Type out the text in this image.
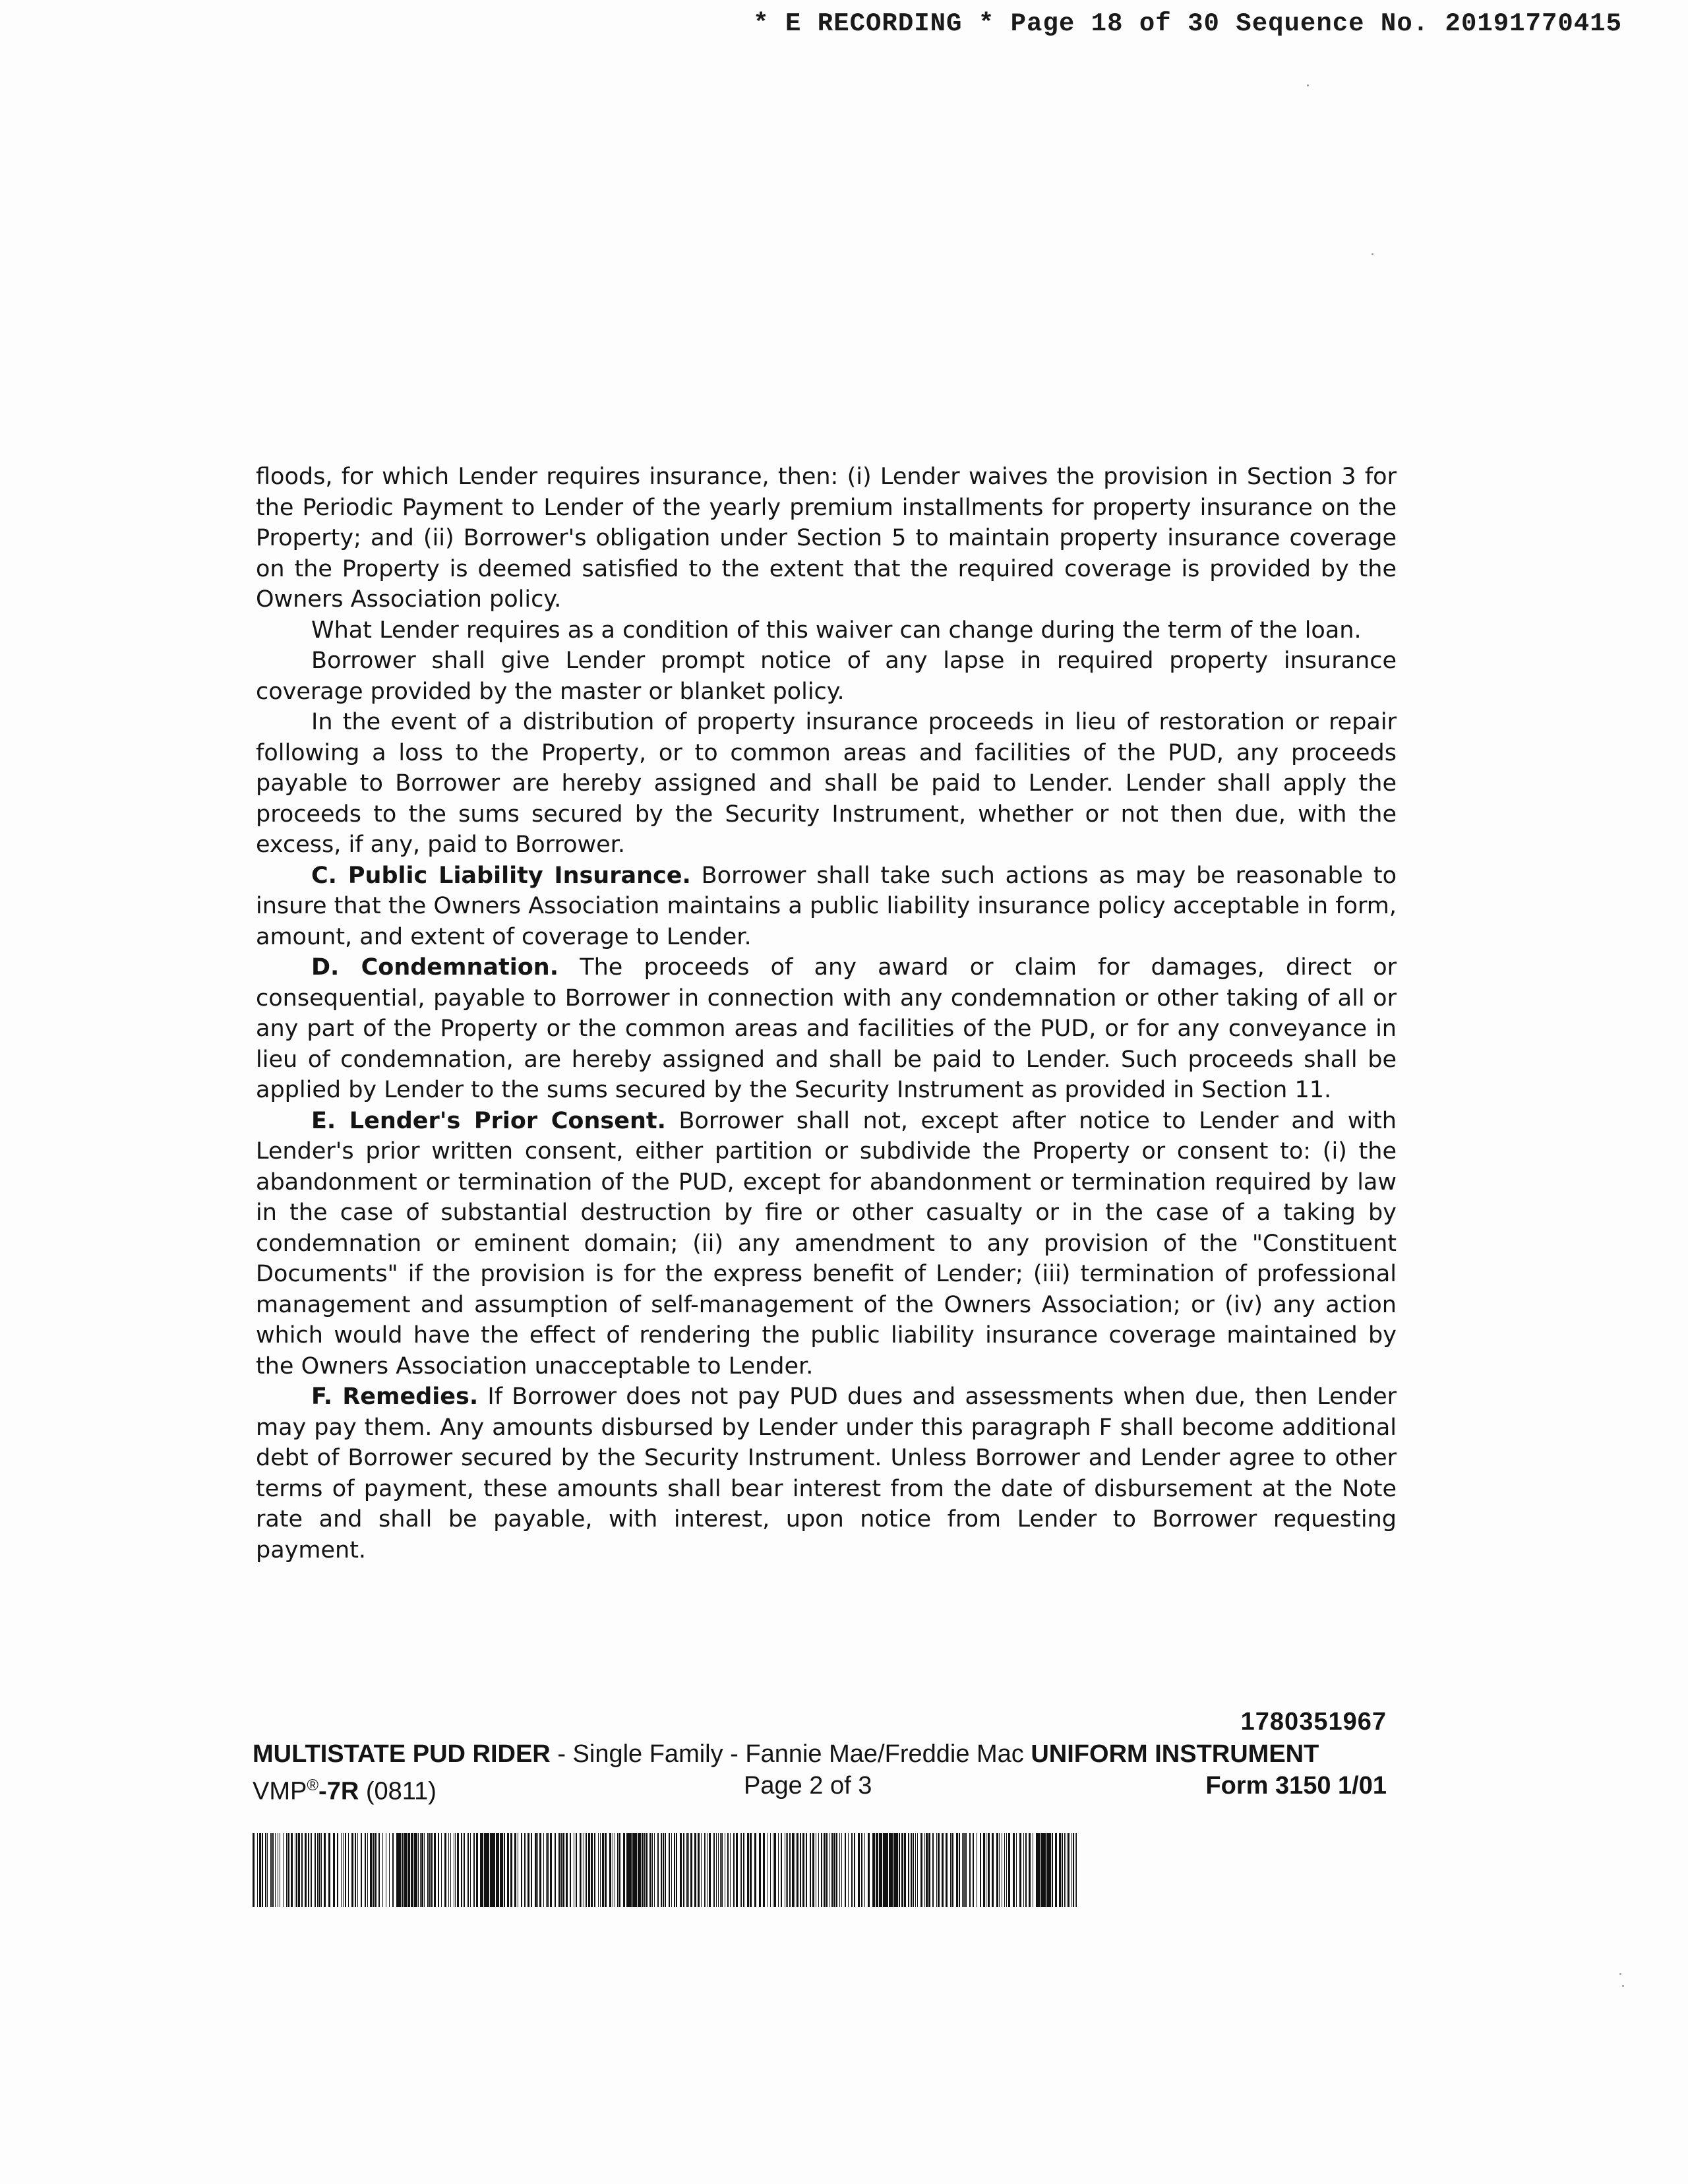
* E RECORDING * Page 18 of 30 Sequence No. 20191770415

floods, for which Lender requires insurance, then: (i) Lender waives the provision in Section 3 for the Periodic Payment to Lender of the yearly premium installments for property insurance on the Property; and (ii) Borrower's obligation under Section 5 to maintain property insurance coverage on the Property is deemed satisfied to the extent that the required coverage is provided by the Owners Association policy.

What Lender requires as a condition of this waiver can change during the term of the loan.

Borrower shall give Lender prompt notice of any lapse in required property insurance coverage provided by the master or blanket policy.

In the event of a distribution of property insurance proceeds in lieu of restoration or repair following a loss to the Property, or to common areas and facilities of the PUD, any proceeds payable to Borrower are hereby assigned and shall be paid to Lender. Lender shall apply the proceeds to the sums secured by the Security Instrument, whether or not then due, with the excess, if any, paid to Borrower.

C. Public Liability Insurance. Borrower shall take such actions as may be reasonable to insure that the Owners Association maintains a public liability insurance policy acceptable in form, amount, and extent of coverage to Lender.

D. Condemnation. The proceeds of any award or claim for damages, direct or consequential, payable to Borrower in connection with any condemnation or other taking of all or any part of the Property or the common areas and facilities of the PUD, or for any conveyance in lieu of condemnation, are hereby assigned and shall be paid to Lender. Such proceeds shall be applied by Lender to the sums secured by the Security Instrument as provided in Section 11.

E. Lender's Prior Consent. Borrower shall not, except after notice to Lender and with Lender's prior written consent, either partition or subdivide the Property or consent to: (i) the abandonment or termination of the PUD, except for abandonment or termination required by law in the case of substantial destruction by fire or other casualty or in the case of a taking by condemnation or eminent domain; (ii) any amendment to any provision of the "Constituent Documents" if the provision is for the express benefit of Lender; (iii) termination of professional management and assumption of self-management of the Owners Association; or (iv) any action which would have the effect of rendering the public liability insurance coverage maintained by the Owners Association unacceptable to Lender.

F. Remedies. If Borrower does not pay PUD dues and assessments when due, then Lender may pay them. Any amounts disbursed by Lender under this paragraph F shall become additional debt of Borrower secured by the Security Instrument. Unless Borrower and Lender agree to other terms of payment, these amounts shall bear interest from the date of disbursement at the Note rate and shall be payable, with interest, upon notice from Lender to Borrower requesting payment.

1780351967
MULTISTATE PUD RIDER - Single Family - Fannie Mae/Freddie Mac UNIFORM INSTRUMENT
VMP®-7R (0811)	Page 2 of 3	Form 3150 1/01
